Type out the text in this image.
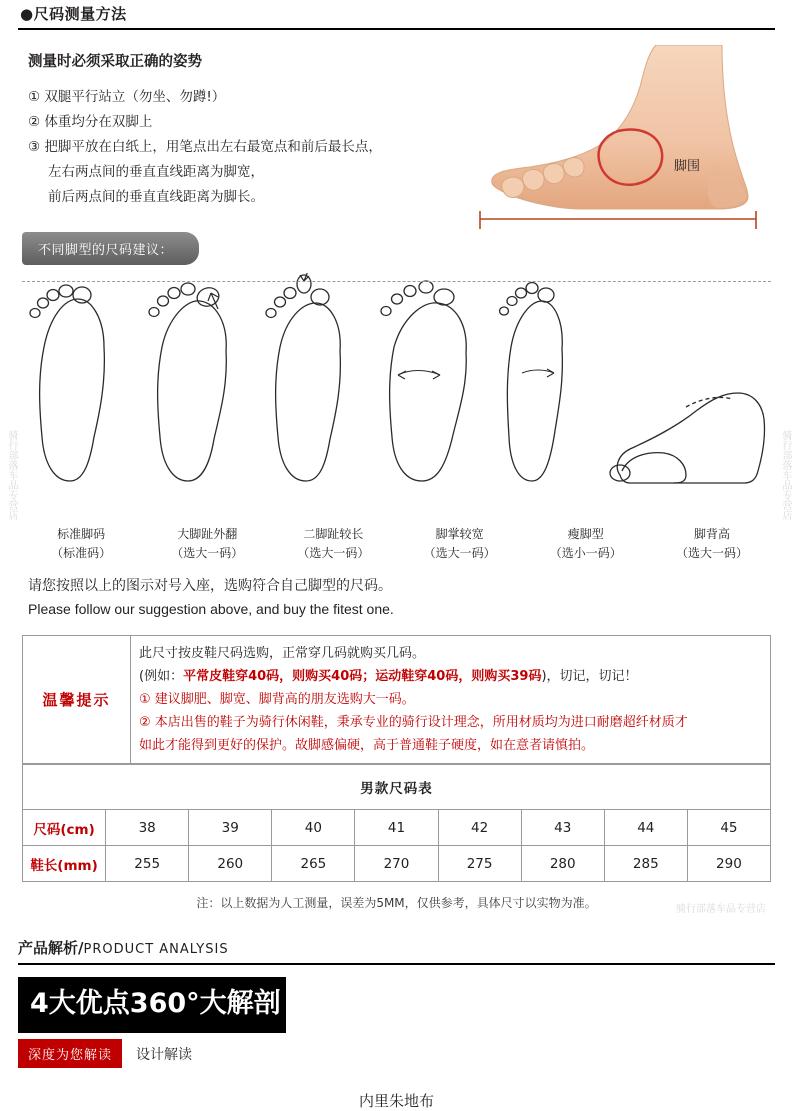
骑行部落车品专营店	骑行部落车品专营店
骑行部落车品专营店
●尺码测量方法
测量时必须采取正确的姿势
① 双腿平行站立（勿坐、勿蹲!）
② 体重均分在双脚上
③ 把脚平放在白纸上，用笔点出左右最宽点和前后最长点，
左右两点间的垂直直线距离为脚宽，
前后两点间的垂直直线距离为脚长。
脚围
不同脚型的尺码建议：
标准脚码
（标准码）
大脚趾外翻
（选大一码）
二脚趾较长
（选大一码）
脚掌较宽
（选大一码）
瘦脚型
（选小一码）
脚背高
（选大一码）
请您按照以上的图示对号入座，选购符合自己脚型的尺码。
Please follow our suggestion above, and buy the fitest one.
温馨提示	
此尺寸按皮鞋尺码选购，正常穿几码就购买几码。
(例如：平常皮鞋穿40码，则购买40码；运动鞋穿40码，则购买39码)，切记，切记！
① 建议脚肥、脚宽、脚背高的朋友选购大一码。
② 本店出售的鞋子为骑行休闲鞋，秉承专业的骑行设计理念，所用材质均为进口耐磨超纤材质才
如此才能得到更好的保护。故脚感偏硬，高于普通鞋子硬度，如在意者请慎拍。
男款尺码表								
尺码(cm)	38	39	40	41	42	43	44	45
鞋长(mm)	255	260	265	270	275	280	285	290
注：以上数据为人工测量，误差为5MM，仅供参考，具体尺寸以实物为准。
产品解析/PRODUCT ANALYSIS
4大优点360°大解剖
深度为您解读	设计解读
内里朱地布
